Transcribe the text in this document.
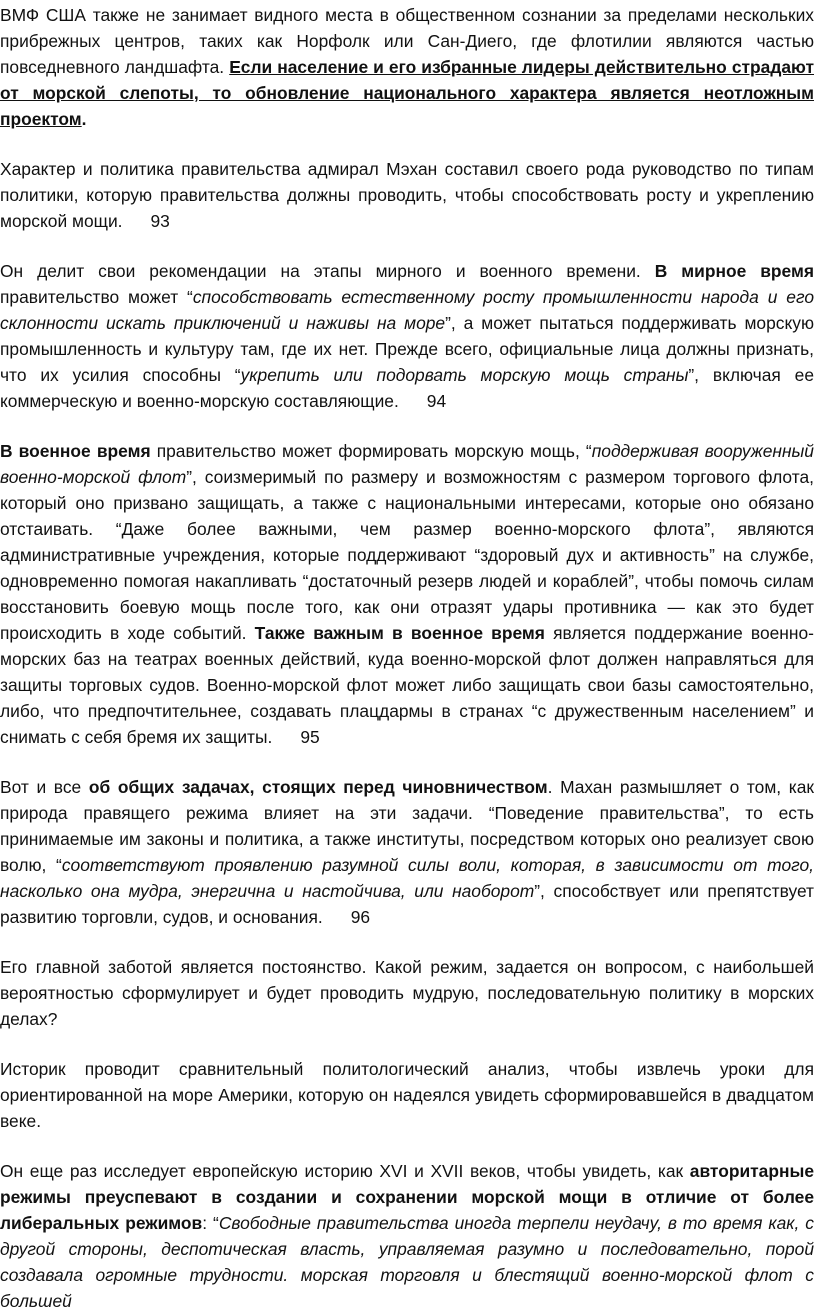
ВМФ США также не занимает видного места в общественном сознании за пределами нескольких прибрежных центров, таких как Норфолк или Сан-Диего, где флотилии являются частью повседневного ландшафта. Если население и его избранные лидеры действительно страдают от морской слепоты, то обновление национального характера является неотложным проектом.

Характер и политика правительства адмирал Мэхан составил своего рода руководство по типам политики, которую правительства должны проводить, чтобы способствовать росту и укреплению морской мощи. 93

Он делит свои рекомендации на этапы мирного и военного времени. В мирное время правительство может “способствовать естественному росту промышленности народа и его склонности искать приключений и наживы на море”, а может пытаться поддерживать морскую промышленность и культуру там, где их нет. Прежде всего, официальные лица должны признать, что их усилия способны “укрепить или подорвать морскую мощь страны”, включая ее коммерческую и военно-морскую составляющие. 94

В военное время правительство может формировать морскую мощь, “поддерживая вооруженный военно-морской флот”, соизмеримый по размеру и возможностям с размером торгового флота, который оно призвано защищать, а также с национальными интересами, которые оно обязано отстаивать. “Даже более важными, чем размер военно-морского флота”, являются административные учреждения, которые поддерживают “здоровый дух и активность” на службе, одновременно помогая накапливать “достаточный резерв людей и кораблей”, чтобы помочь силам восстановить боевую мощь после того, как они отразят удары противника — как это будет происходить в ходе событий. Также важным в военное время является поддержание военно-морских баз на театрах военных действий, куда военно-морской флот должен направляться для защиты торговых судов. Военно-морской флот может либо защищать свои базы самостоятельно, либо, что предпочтительнее, создавать плацдармы в странах “с дружественным населением” и снимать с себя бремя их защиты. 95

Вот и все об общих задачах, стоящих перед чиновничеством. Махан размышляет о том, как природа правящего режима влияет на эти задачи. “Поведение правительства”, то есть принимаемые им законы и политика, а также институты, посредством которых оно реализует свою волю, “соответствуют проявлению разумной силы воли, которая, в зависимости от того, насколько она мудра, энергична и настойчива, или наоборот”, способствует или препятствует развитию торговли, судов, и основания. 96

Его главной заботой является постоянство. Какой режим, задается он вопросом, с наибольшей вероятностью сформулирует и будет проводить мудрую, последовательную политику в морских делах?

Историк проводит сравнительный политологический анализ, чтобы извлечь уроки для ориентированной на море Америки, которую он надеялся увидеть сформировавшейся в двадцатом веке.

Он еще раз исследует европейскую историю XVI и XVII веков, чтобы увидеть, как авторитарные режимы преуспевают в создании и сохранении морской мощи в отличие от более либеральных режимов: “Свободные правительства иногда терпели неудачу, в то время как, с другой стороны, деспотическая власть, управляемая разумно и последовательно, порой создавала огромные трудности. морская торговля и блестящий военно-морской флот с большей
